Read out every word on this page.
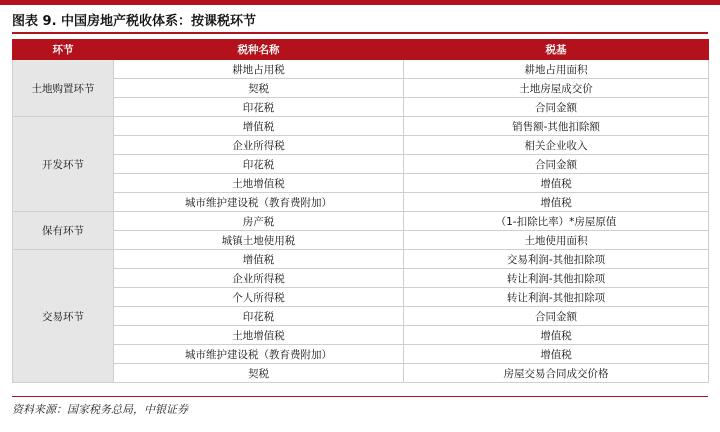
图表 9. 中国房地产税收体系：按课税环节
环节	税种名称	税基
土地购置环节	耕地占用税	耕地占用面积
	契税	土地房屋成交价
	印花税	合同金额
开发环节	增值税	销售额-其他扣除额
	企业所得税	相关企业收入
	印花税	合同金额
	土地增值税	增值税
	城市维护建设税（教育费附加）	增值税
保有环节	房产税	（1-扣除比率）*房屋原值
	城镇土地使用税	土地使用面积
交易环节	增值税	交易利润-其他扣除项
	企业所得税	转让利润-其他扣除项
	个人所得税	转让利润-其他扣除项
	印花税	合同金额
	土地增值税	增值税
	城市维护建设税（教育费附加）	增值税
	契税	房屋交易合同成交价格
资料来源：国家税务总局，中银证券
